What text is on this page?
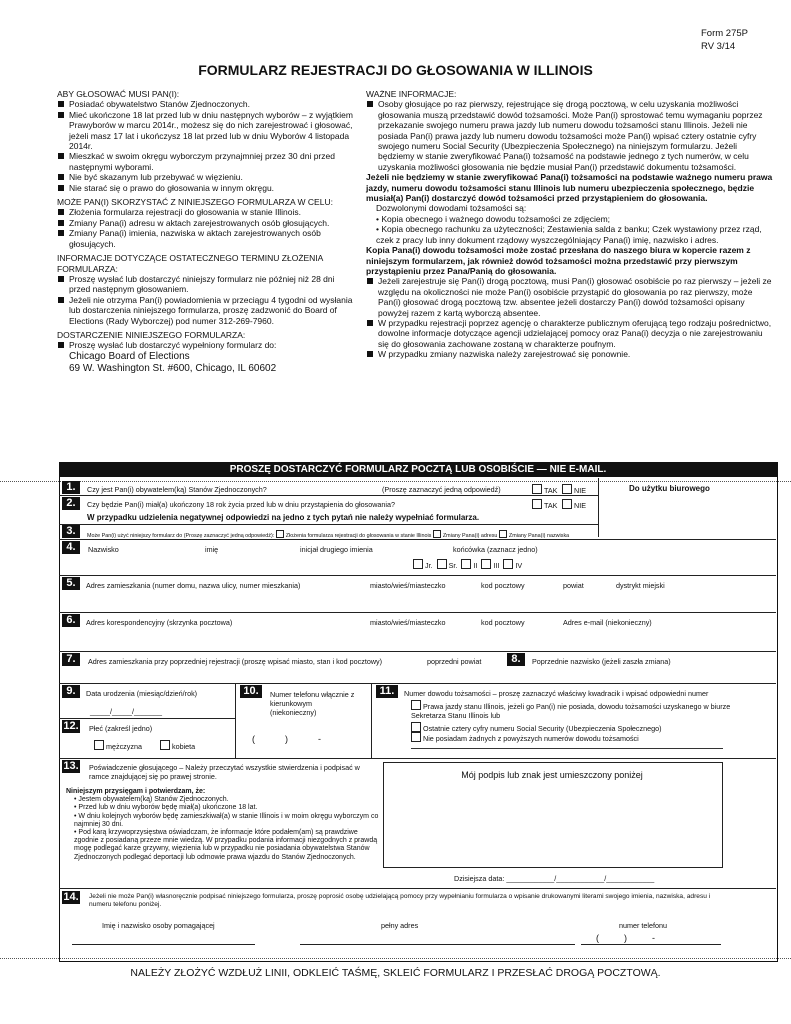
Form 275P
RV 3/14
FORMULARZ REJESTRACJI DO GŁOSOWANIA W ILLINOIS
ABY GŁOSOWAĆ MUSI PAN(I):
Posiadać obywatelstwo Stanów Zjednoczonych.
Mieć ukończone 18 lat przed lub w dniu następnych wyborów – z wyjątkiem Prawyborów w marcu 2014r., możesz się do nich zarejestrować i głosować, jeżeli masz 17 lat i ukończysz 18 lat przed lub w dniu Wyborów 4 listopada 2014r.
Mieszkać w swoim okręgu wyborczym przynajmniej przez 30 dni przed następnymi wyborami.
Nie być skazanym lub przebywać w więzieniu.
Nie starać się o prawo do głosowania w innym okręgu.
MOŻE PAN(I) SKORZYSTAĆ Z NINIEJSZEGO FORMULARZA W CELU:
Złożenia formularza rejestracji do głosowania w stanie Illinois.
Zmiany Pana(i) adresu w aktach zarejestrowanych osób głosujących.
Zmiany Pana(i) imienia, nazwiska w aktach zarejestrowanych osób głosujących.
INFORMACJE DOTYCZĄCE OSTATECZNEGO TERMINU ZŁOŻENIA FORMULARZA:
Proszę wysłać lub dostarczyć niniejszy formularz nie później niż 28 dni przed następnym głosowaniem.
Jeżeli nie otrzyma Pan(i) powiadomienia w przeciągu 4 tygodni od wysłania lub dostarczenia niniejszego formularza, proszę zadzwonić do Board of Elections (Rady Wyborczej) pod numer 312-269-7960.
DOSTARCZENIE NINIEJSZEGO FORMULARZA:
Proszę wysłać lub dostarczyć wypełniony formularz do:
Chicago Board of Elections
69 W. Washington St. #600, Chicago, IL 60602
WAŻNE INFORMACJE:
Osoby głosujące po raz pierwszy, rejestrujące się drogą pocztową, w celu uzyskania możliwości głosowania muszą przedstawić dowód tożsamości. Może Pan(i) sprostować temu wymaganiu poprzez przekazanie swojego numeru prawa jazdy lub numeru dowodu tożsamości stanu Illinois. Jeżeli nie posiada Pan(i) prawa jazdy lub numeru dowodu tożsamości może Pan(i) wpisać cztery ostatnie cyfry swojego numeru Social Security (Ubezpieczenia Społecznego) na niniejszym formularzu. Jeżeli będziemy w stanie zweryfikować Pana(i) tożsamość na podstawie jednego z tych numerów, w celu uzyskania możliwości głosowania nie będzie musiał Pan(i) przedstawić dokumentu tożsamości.
Jeżeli nie będziemy w stanie zweryfikować Pana(i) tożsamości na podstawie ważnego numeru prawa jazdy, numeru dowodu tożsamości stanu Illinois lub numeru ubezpieczenia społecznego, będzie musiał(a) Pan(i) dostarczyć dowód tożsamości przed przystąpieniem do głosowania.
Dozwolonymi dowodami tożsamości są:
• Kopia obecnego i ważnego dowodu tożsamości ze zdjęciem;
• Kopia obecnego rachunku za użyteczności; Zestawienia salda z banku; Czek wystawiony przez rząd, czek z pracy lub inny dokument rządowy wyszczególniający Pana(i) imię, nazwisko i adres.
Kopia Pana(i) dowodu tożsamości może zostać przesłana do naszego biura w kopercie razem z niniejszym formularzem, jak również dowód tożsamości można przedstawić przy pierwszym przystąpieniu przez Pana/Panią do głosowania.
Jeżeli zarejestruje się Pan(i) drogą pocztową, musi Pan(i) głosować osobiście po raz pierwszy – jeżeli ze względu na okoliczności nie może Pan(i) osobiście przystąpić do głosowania po raz pierwszy, może Pan(i) głosować drogą pocztową tzw. absentee jeżeli dostarczy Pan(i) dowód tożsamości opisany powyżej razem z kartą wyborczą absentee.
W przypadku rejestracji poprzez agencję o charakterze publicznym oferującą tego rodzaju pośrednictwo, dowolne informacje dotyczące agencji udzielającej pomocy oraz Pana(i) decyzja o nie zarejestrowaniu się do głosowania zachowane zostaną w charakterze poufnym.
W przypadku zmiany nazwiska należy zarejestrować się ponownie.
PROSZĘ DOSTARCZYĆ FORMULARZ POCZTĄ LUB OSOBIŚCIE — NIE E-MAIL.
1.	Czy jest Pan(i) obywatelem(ką) Stanów Zjednoczonych?	(Proszę zaznaczyć jedną odpowiedź)	TAK	NIE	Do użytku biurowego
2.	Czy będzie Pan(i) miał(a) ukończony 18 rok życia przed lub w dniu przystąpienia do głosowania?	TAK	NIE
W przypadku udzielenia negatywnej odpowiedzi na jedno z tych pytań nie należy wypełniać formularza.
3.	Może Pan(i) użyć niniejszy formularz do (Proszę zaznaczyć jedną odpowiedź): Złożenia formularza rejestracji do głosowania w stanie Illinois Zmiany Pana(i) adresu Zmiany Pana(i) nazwiska
4.	Nazwisko	imię	inicjał drugiego imienia	końcówka (zaznacz jedno)
Jr. Sr. II III IV
5.	Adres zamieszkania (numer domu, nazwa ulicy, numer mieszkania)	miasto/wieś/miasteczko	kod pocztowy	powiat	dystrykt miejski
6.	Adres korespondencyjny (skrzynka pocztowa)	miasto/wieś/miasteczko	kod pocztowy	Adres e-mail (niekonieczny)
7.	Adres zamieszkania przy poprzedniej rejestracji (proszę wpisać miasto, stan i kod pocztowy)	poprzedni powiat	8.	Poprzednie nazwisko (jeżeli zaszła zmiana)
9.	Data urodzenia (miesiąc/dzień/rok)
_____/_____/_______
10.	Numer telefonu włącznie z kierunkowym (niekonieczny)
(	)	-
11.	Numer dowodu tożsamości – proszę zaznaczyć właściwy kwadracik i wpisać odpowiedni numer
Prawa jazdy stanu Illinois, jeżeli go Pan(i) nie posiada, dowodu tożsamości uzyskanego w biurze Sekretarza Stanu Illinois lub
Ostatnie cztery cyfry numeru Social Security (Ubezpieczenia Społecznego)
Nie posiadam żadnych z powyższych numerów dowodu tożsamości
12. Płeć (zakreśl jedno)
mężczyzna	kobieta
13. Poświadczenie głosującego – Należy przeczytać wszystkie stwierdzenia i podpisać w ramce znajdującej się po prawej stronie.	Mój podpis lub znak jest umieszczony poniżej
Niniejszym przysięgam i potwierdzam, że:
• Jestem obywatelem(ką) Stanów Zjednoczonych.
• Przed lub w dniu wyborów będę miał(a) ukończone 18 lat.
• W dniu kolejnych wyborów będę zamieszkiwał(a) w stanie Illinois i w moim okręgu wyborczym co najmniej 30 dni.
• Pod karą krzywoprzysięstwa oświadczam, że informacje które podałem(am) są prawdziwe zgodnie z posiadaną przeze mnie wiedzą. W przypadku podania informacji niezgodnych z prawdą mogę podlegać karze grzywny, więzienia lub w przypadku nie posiadania obywatelstwa Stanów Zjednoczonych podlegać deportacji lub odmowie prawa wjazdu do Stanów Zjednoczonych.
Dzisiejsza data: ____________/____________/____________
14. Jeżeli nie może Pan(i) własnoręcznie podpisać niniejszego formularza, proszę poprosić osobę udzielającą pomocy przy wypełnianiu formularza o wpisanie drukowanymi literami swojego imienia, nazwiska, adresu i numeru telefonu poniżej.
Imię i nazwisko osoby pomagającej	pełny adres	numer telefonu
(	)	-
NALEŻY ZŁOŻYĆ WZDŁUŻ LINII, ODKLEIĆ TAŚMĘ, SKLEIĆ FORMULARZ I PRZESŁAĆ DROGĄ POCZTOWĄ.
